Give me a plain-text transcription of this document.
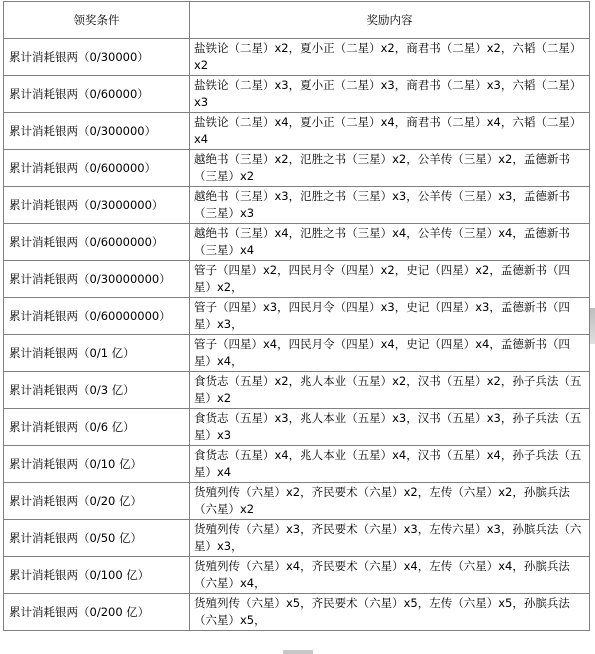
领奖条件	奖励内容
累计消耗银两（0/30000）	盐铁论（二星）x2，夏小正（二星）x2，商君书（二星）x2，六韬（二星）x2
累计消耗银两（0/60000）	盐铁论（二星）x3，夏小正（二星）x3，商君书（二星）x3，六韬（二星）x3
累计消耗银两（0/300000）	盐铁论（二星）x4，夏小正（二星）x4，商君书（二星）x4，六韬（二星）x4
累计消耗银两（0/600000）	越绝书（三星）x2，氾胜之书（三星）x2，公羊传（三星）x2，孟德新书（三星）x2
累计消耗银两（0/3000000）	越绝书（三星）x3，氾胜之书（三星）x3，公羊传（三星）x3，孟德新书（三星）x3
累计消耗银两（0/6000000）	越绝书（三星）x4，氾胜之书（三星）x4，公羊传（三星）x4，孟德新书（三星）x4
累计消耗银两（0/30000000）	管子（四星）x2，四民月令（四星）x2，史记（四星）x2，孟德新书（四星）x2，
累计消耗银两（0/60000000）	管子（四星）x3，四民月令（四星）x3，史记（四星）x3，孟德新书（四星）x3，
累计消耗银两（0/1 亿）	管子（四星）x4，四民月令（四星）x4，史记（四星）x4，孟德新书（四星）x4，
累计消耗银两（0/3 亿）	食货志（五星）x2，兆人本业（五星）x2，汉书（五星）x2，孙子兵法（五星）x2
累计消耗银两（0/6 亿）	食货志（五星）x3，兆人本业（五星）x3，汉书（五星）x3，孙子兵法（五星）x3
累计消耗银两（0/10 亿）	食货志（五星）x4，兆人本业（五星）x4，汉书（五星）x4，孙子兵法（五星）x4
累计消耗银两（0/20 亿）	货殖列传（六星）x2，齐民要术（六星）x2，左传（六星）x2，孙膑兵法（六星）x2
累计消耗银两（0/50 亿）	货殖列传（六星）x3，齐民要术（六星）x3，左传六星）x3，孙膑兵法（六星）x3，
累计消耗银两（0/100 亿）	货殖列传（六星）x4，齐民要术（六星）x4，左传（六星）x4，孙膑兵法（六星）x4，
累计消耗银两（0/200 亿）	货殖列传（六星）x5，齐民要术（六星）x5，左传（六星）x5，孙膑兵法（六星）x5，
